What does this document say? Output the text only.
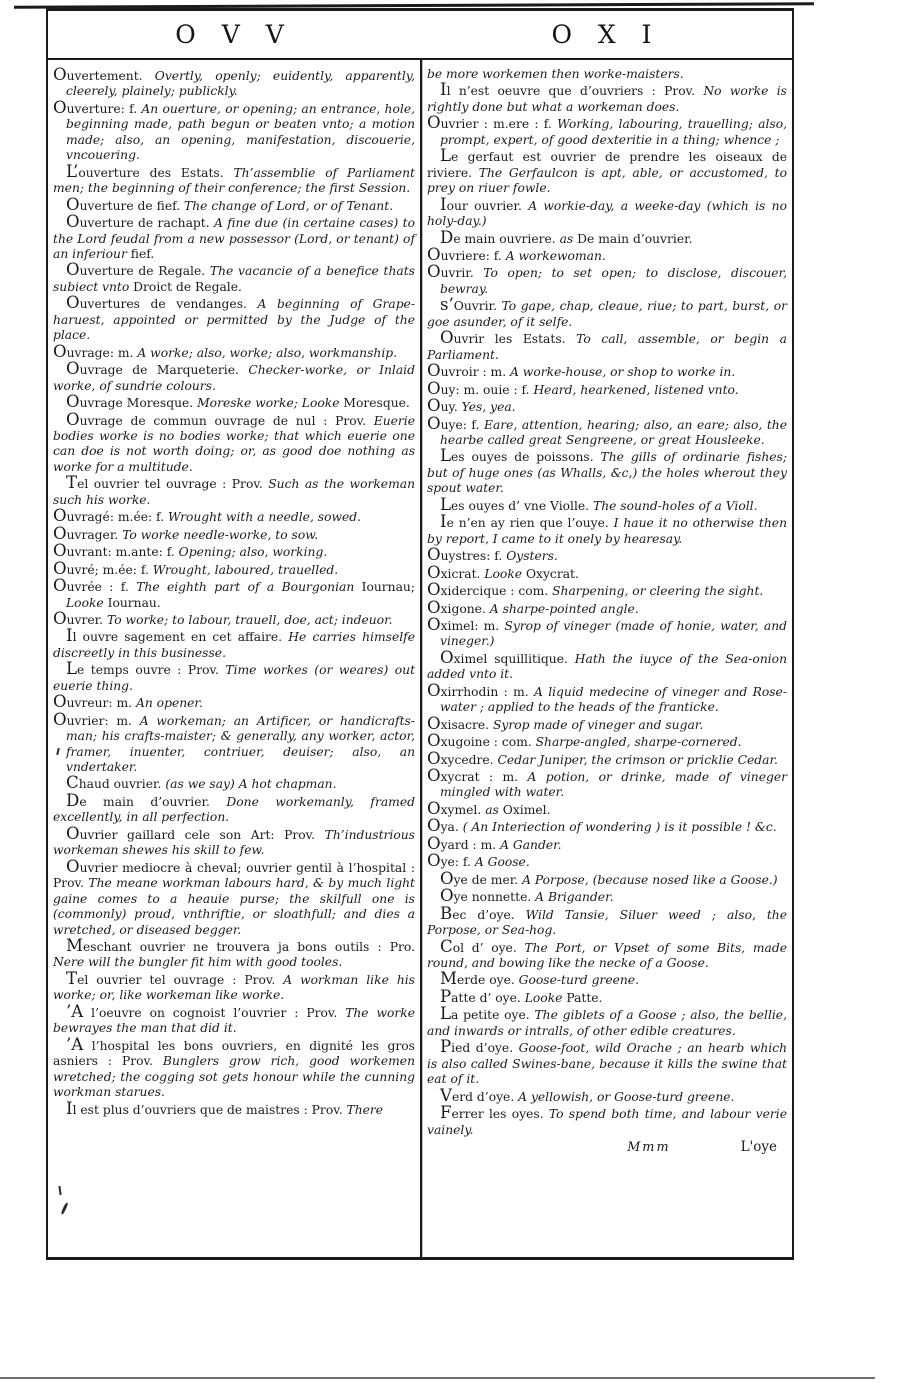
O V V	O X I

Ouvertement. Overtly, openly; euidently, apparently, cleerely, plainely; publickly.

Ouverture: f. An ouerture, or opening; an entrance, hole, beginning made, path begun or beaten vnto; a motion made; also, an opening, manifestation, discouerie, vncouering.

L’ouverture des Estats. Th’assemblie of Parliament men; the beginning of their conference; the first Session.

Ouverture de fief. The change of Lord, or of Tenant.

Ouverture de rachapt. A fine due (in certaine cases) to the Lord feudal from a new possessor (Lord, or tenant) of an inferiour fief.

Ouverture de Regale. The vacancie of a benefice thats subiect vnto Droict de Regale.

Ouvertures de vendanges. A beginning of Grape-haruest, appointed or permitted by the Judge of the place.

Ouvrage: m. A worke; also, worke; also, workmanship.

Ouvrage de Marqueterie. Checker-worke, or Inlaid worke, of sundrie colours.

Ouvrage Moresque. Moreske worke; Looke Moresque.

Ouvrage de commun ouvrage de nul : Prov. Euerie bodies worke is no bodies worke; that which euerie one can doe is not worth doing; or, as good doe nothing as worke for a multitude.

Tel ouvrier tel ouvrage : Prov. Such as the workeman such his worke.

Ouvragé: m.ée: f. Wrought with a needle, sowed.

Ouvrager. To worke needle-worke, to sow.

Ouvrant: m.ante: f. Opening; also, working.

Ouvré; m.ée: f. Wrought, laboured, trauelled.

Ouvrée : f. The eighth part of a Bourgonian Iournau; Looke Iournau.

Ouvrer. To worke; to labour, trauell, doe, act; indeuor.

Il ouvre sagement en cet affaire. He carries himselfe discreetly in this businesse.

Le temps ouvre : Prov. Time workes (or weares) out euerie thing.

Ouvreur: m. An opener.

Ouvrier: m. A workeman; an Artificer, or handicrafts-man; his crafts-maister; & generally, any worker, actor, framer, inuenter, contriuer, deuiser; also, an vndertaker.

Chaud ouvrier. (as we say) A hot chapman.

De main d’ouvrier. Done workemanly, framed excellently, in all perfection.

Ouvrier gaillard cele son Art: Prov. Th’industrious workeman shewes his skill to few.

Ouvrier mediocre à cheval; ouvrier gentil à l’hospital : Prov. The meane workman labours hard, & by much light gaine comes to a heauie purse; the skilfull one is (commonly) proud, vnthriftie, or sloathfull; and dies a wretched, or diseased begger.

Meschant ouvrier ne trouvera ja bons outils : Pro. Nere will the bungler fit him with good tooles.

Tel ouvrier tel ouvrage : Prov. A workman like his worke; or, like workeman like worke.

’A l’oeuvre on cognoist l’ouvrier : Prov. The worke bewrayes the man that did it.

’A l’hospital les bons ouvriers, en dignité les gros asniers : Prov. Bunglers grow rich, good workemen wretched; the cogging sot gets honour while the cunning workman starues.

Il est plus d’ouvriers que de maistres : Prov. There

be more workemen then worke-maisters.

Il n’est oeuvre que d’ouvriers : Prov. No worke is rightly done but what a workeman does.

Ouvrier : m.ere : f. Working, labouring, trauelling; also, prompt, expert, of good dexteritie in a thing; whence ;

Le gerfaut est ouvrier de prendre les oiseaux de riviere. The Gerfaulcon is apt, able, or accustomed, to prey on riuer fowle.

Iour ouvrier. A workie-day, a weeke-day (which is no holy-day.)

De main ouvriere. as De main d’ouvrier.

Ouvriere: f. A workewoman.

Ouvrir. To open; to set open; to disclose, discouer, bewray.

s’Ouvrir. To gape, chap, cleaue, riue; to part, burst, or goe asunder, of it selfe.

Ouvrir les Estats. To call, assemble, or begin a Parliament.

Ouvroir : m. A worke-house, or shop to worke in.

Ouy: m. ouie : f. Heard, hearkened, listened vnto.

Ouy. Yes, yea.

Ouye: f. Eare, attention, hearing; also, an eare; also, the hearbe called great Sengreene, or great Housleeke.

Les ouyes de poissons. The gills of ordinarie fishes; but of huge ones (as Whalls, &c,) the holes wherout they spout water.

Les ouyes d’ vne Violle. The sound-holes of a Violl.

Ie n’en ay rien que l’ouye. I haue it no otherwise then by report, I came to it onely by hearesay.

Ouystres: f. Oysters.

Oxicrat. Looke Oxycrat.

Oxidercique : com. Sharpening, or cleering the sight.

Oxigone. A sharpe-pointed angle.

Oximel: m. Syrop of vineger (made of honie, water, and vineger.)

Oximel squillitique. Hath the iuyce of the Sea-onion added vnto it.

Oxirrhodin : m. A liquid medecine of vineger and Rose-water ; applied to the heads of the franticke.

Oxisacre. Syrop made of vineger and sugar.

Oxugoine : com. Sharpe-angled, sharpe-cornered.

Oxycedre. Cedar Juniper, the crimson or pricklie Cedar.

Oxycrat : m. A potion, or drinke, made of vineger mingled with water.

Oxymel. as Oximel.

Oya. ( An Interiection of wondering ) is it possible ! &c.

Oyard : m. A Gander.

Oye: f. A Goose.

Oye de mer. A Porpose, (because nosed like a Goose.)

Oye nonnette. A Brigander.

Bec d’oye. Wild Tansie, Siluer weed ; also, the Porpose, or Sea-hog.

Col d’ oye. The Port, or Vpset of some Bits, made round, and bowing like the necke of a Goose.

Merde oye. Goose-turd greene.

Patte d’ oye. Looke Patte.

La petite oye. The giblets of a Goose ; also, the bellie, and inwards or intralls, of other edible creatures.

Pied d’oye. Goose-foot, wild Orache ; an hearb which is also called Swines-bane, because it kills the swine that eat of it.

Verd d’oye. A yellowish, or Goose-turd greene.

Ferrer les oyes. To spend both time, and labour verie vainely.

Mmm	L'oye
